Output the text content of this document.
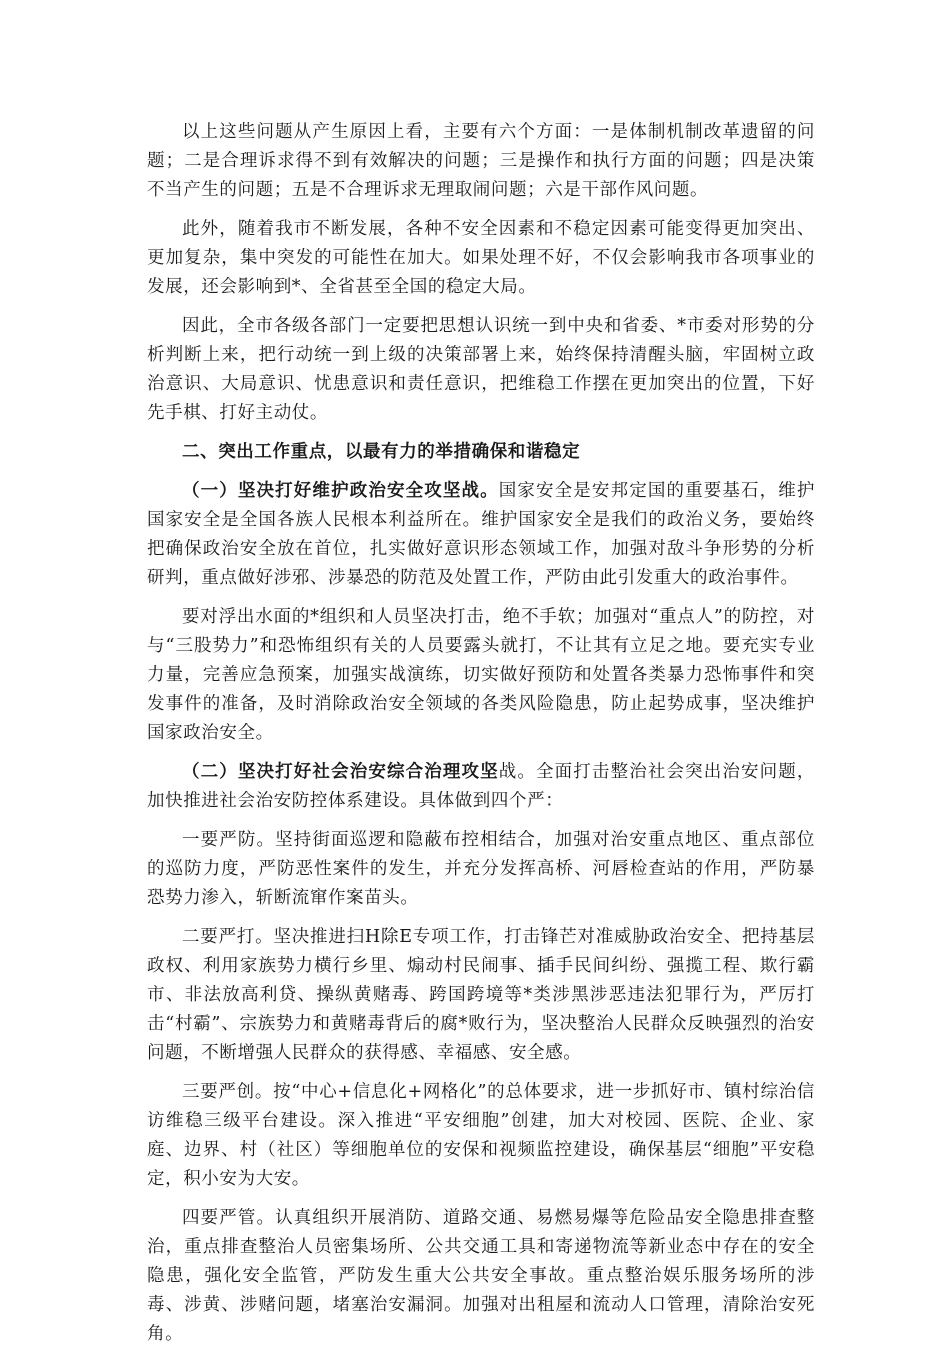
以上这些问题从产生原因上看，主要有六个方面：一是体制机制改革遗留的问题；二是合理诉求得不到有效解决的问题；三是操作和执行方面的问题；四是决策不当产生的问题；五是不合理诉求无理取闹问题；六是干部作风问题。

此外，随着我市不断发展，各种不安全因素和不稳定因素可能变得更加突出、更加复杂，集中突发的可能性在加大。如果处理不好，不仅会影响我市各项事业的发展，还会影响到*、全省甚至全国的稳定大局。

因此，全市各级各部门一定要把思想认识统一到中央和省委、*市委对形势的分析判断上来，把行动统一到上级的决策部署上来，始终保持清醒头脑，牢固树立政治意识、大局意识、忧患意识和责任意识，把维稳工作摆在更加突出的位置，下好先手棋、打好主动仗。

二、突出工作重点，以最有力的举措确保和谐稳定

（一）坚决打好维护政治安全攻坚战。国家安全是安邦定国的重要基石，维护国家安全是全国各族人民根本利益所在。维护国家安全是我们的政治义务，要始终把确保政治安全放在首位，扎实做好意识形态领域工作，加强对敌斗争形势的分析研判，重点做好涉邪、涉暴恐的防范及处置工作，严防由此引发重大的政治事件。

要对浮出水面的*组织和人员坚决打击，绝不手软；加强对“重点人”的防控，对与“三股势力”和恐怖组织有关的人员要露头就打，不让其有立足之地。要充实专业力量，完善应急预案，加强实战演练，切实做好预防和处置各类暴力恐怖事件和突发事件的准备，及时消除政治安全领域的各类风险隐患，防止起势成事，坚决维护国家政治安全。

（二）坚决打好社会治安综合治理攻坚战。全面打击整治社会突出治安问题，加快推进社会治安防控体系建设。具体做到四个严：

一要严防。坚持街面巡逻和隐蔽布控相结合，加强对治安重点地区、重点部位的巡防力度，严防恶性案件的发生，并充分发挥高桥、河唇检查站的作用，严防暴恐势力渗入，斩断流窜作案苗头。

二要严打。坚决推进扫H除E专项工作，打击锋芒对准威胁政治安全、把持基层政权、利用家族势力横行乡里、煽动村民闹事、插手民间纠纷、强揽工程、欺行霸市、非法放高利贷、操纵黄赌毒、跨国跨境等*类涉黑涉恶违法犯罪行为，严厉打击“村霸”、宗族势力和黄赌毒背后的腐*败行为，坚决整治人民群众反映强烈的治安问题，不断增强人民群众的获得感、幸福感、安全感。

三要严创。按“中心+信息化+网格化”的总体要求，进一步抓好市、镇村综治信访维稳三级平台建设。深入推进“平安细胞”创建，加大对校园、医院、企业、家庭、边界、村（社区）等细胞单位的安保和视频监控建设，确保基层“细胞”平安稳定，积小安为大安。

四要严管。认真组织开展消防、道路交通、易燃易爆等危险品安全隐患排查整治，重点排查整治人员密集场所、公共交通工具和寄递物流等新业态中存在的安全隐患，强化安全监管，严防发生重大公共安全事故。重点整治娱乐服务场所的涉毒、涉黄、涉赌问题，堵塞治安漏洞。加强对出租屋和流动人口管理，清除治安死角。
